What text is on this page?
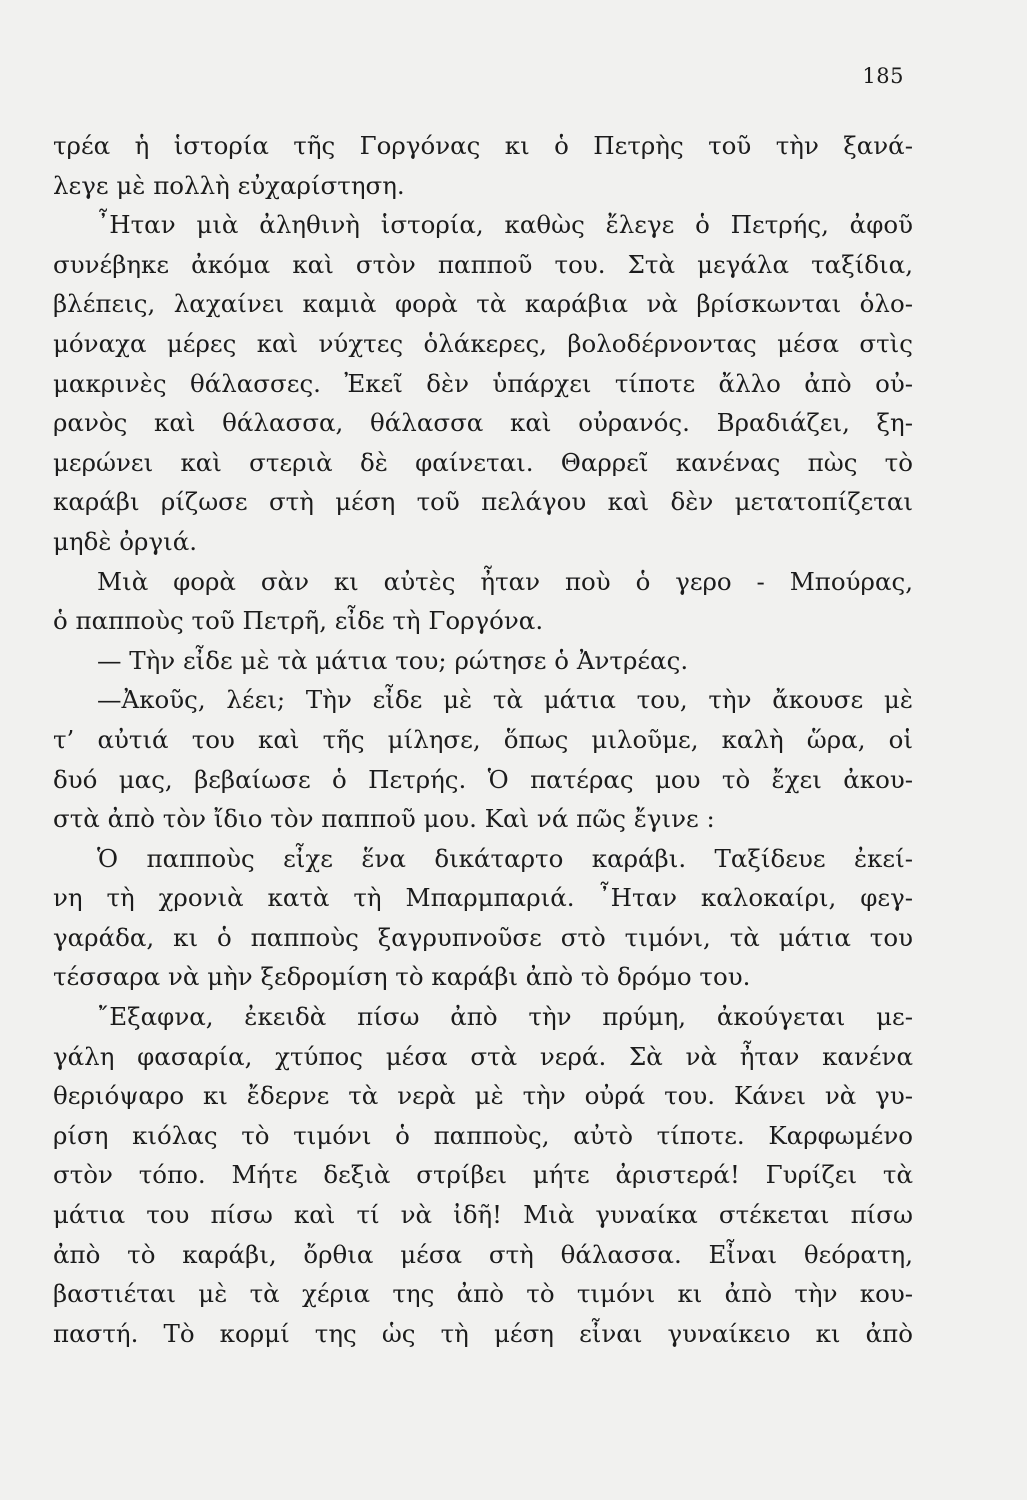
185
τρέα ἡ ἱστορία τῆς Γοργόνας κι ὁ Πετρὴς τοῦ τὴν ξανά-
λεγε μὲ πολλὴ εὐχαρίστηση.
῏Ηταν μιὰ ἀληθινὴ ἱστορία, καθὼς ἔλεγε ὁ Πετρής, ἀφοῦ
συνέβηκε ἀκόμα καὶ στὸν παπποῦ του. Στὰ μεγάλα ταξίδια,
βλέπεις, λαχαίνει καμιὰ φορὰ τὰ καράβια νὰ βρίσκωνται ὁλο-
μόναχα μέρες καὶ νύχτες ὁλάκερες, βολοδέρνοντας μέσα στὶς
μακρινὲς θάλασσες. Ἐκεῖ δὲν ὑπάρχει τίποτε ἄλλο ἀπὸ οὐ-
ρανὸς καὶ θάλασσα, θάλασσα καὶ οὐρανός. Βραδιάζει, ξη-
μερώνει καὶ στεριὰ δὲ φαίνεται. Θαρρεῖ κανένας πὼς τὸ
καράβι ρίζωσε στὴ μέση τοῦ πελάγου καὶ δὲν μετατοπίζεται
μηδὲ ὀργιά.
Μιὰ φορὰ σὰν κι αὐτὲς ἦταν ποὺ ὁ γερο - Μπούρας,
ὁ παπποὺς τοῦ Πετρῆ, εἶδε τὴ Γοργόνα.
— Τὴν εἶδε μὲ τὰ μάτια του; ρώτησε ὁ Ἀντρέας.
—Ἀκοῦς, λέει; Τὴν εἶδε μὲ τὰ μάτια του, τὴν ἄκουσε μὲ
τ’ αὐτιά του καὶ τῆς μίλησε, ὅπως μιλοῦμε, καλὴ ὥρα, οἱ
δυό μας, βεβαίωσε ὁ Πετρής. Ὁ πατέρας μου τὸ ἔχει ἀκου-
στὰ ἀπὸ τὸν ἴδιο τὸν παπποῦ μου. Καὶ νά πῶς ἔγινε :
Ὁ παπποὺς εἶχε ἕνα δικάταρτο καράβι. Ταξίδευε ἐκεί-
νη τὴ χρονιὰ κατὰ τὴ Μπαρμπαριά. ῏Ηταν καλοκαίρι, φεγ-
γαράδα, κι ὁ παπποὺς ξαγρυπνοῦσε στὸ τιμόνι, τὰ μάτια του
τέσσαρα νὰ μὴν ξεδρομίση τὸ καράβι ἀπὸ τὸ δρόμο του.
῎Εξαφνα, ἐκειδὰ πίσω ἀπὸ τὴν πρύμη, ἀκούγεται με-
γάλη φασαρία, χτύπος μέσα στὰ νερά. Σὰ νὰ ἦταν κανένα
θεριόψαρο κι ἔδερνε τὰ νερὰ μὲ τὴν οὐρά του. Κάνει νὰ γυ-
ρίση κιόλας τὸ τιμόνι ὁ παπποὺς, αὐτὸ τίποτε. Καρφωμένο
στὸν τόπο. Μήτε δεξιὰ στρίβει μήτε ἀριστερά! Γυρίζει τὰ
μάτια του πίσω καὶ τί νὰ ἰδῆ! Μιὰ γυναίκα στέκεται πίσω
ἀπὸ τὸ καράβι, ὄρθια μέσα στὴ θάλασσα. Εἶναι θεόρατη,
βαστιέται μὲ τὰ χέρια της ἀπὸ τὸ τιμόνι κι ἀπὸ τὴν κου-
παστή. Τὸ κορμί της ὡς τὴ μέση εἶναι γυναίκειο κι ἀπὸ
